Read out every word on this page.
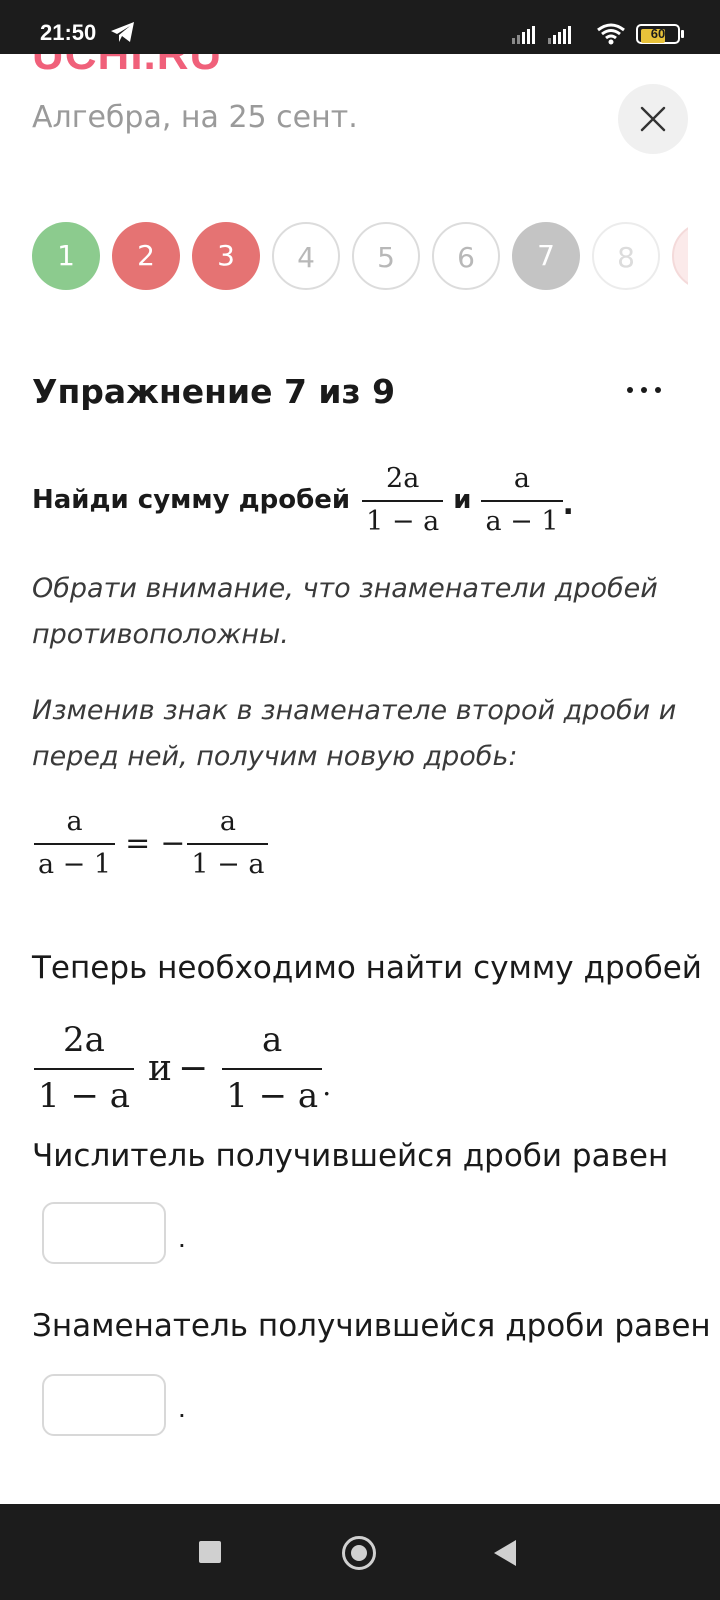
21:50	60
Алгебра, на 25 сент.
1	2	3	4	5	6	7	8
Упражнение 7 из 9
Найди сумму дробей $\frac{2a}{1 - a}$ и $\frac{a}{a - 1}$ .
Обрати внимание, что знаменатели дробей противоположны.
Изменив знак в знаменателе второй дроби и перед ней, получим новую дробь:
$\frac{a}{a - 1}$ = − $\frac{a}{1 - a}$
Теперь необходимо найти сумму дробей
$\frac{2a}{1 - a}$ $и - \frac{a}{1 - a}$ .
Числитель получившейся дроби равен
.
Знаменатель получившейся дроби равен
.
